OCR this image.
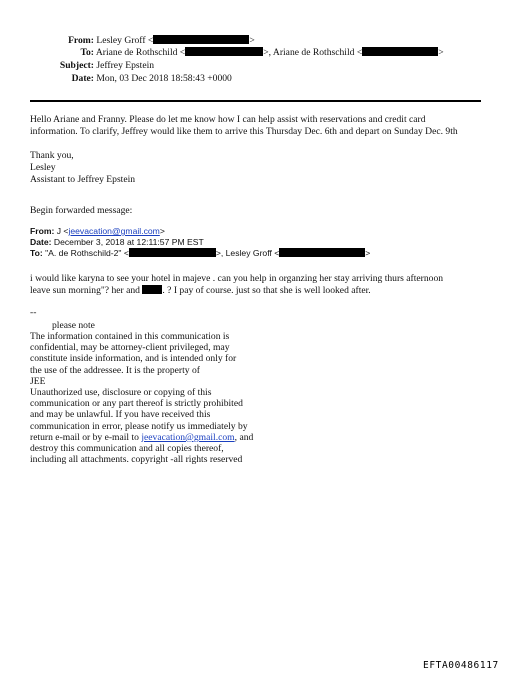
From: Lesley Groff <	>
To: Ariane de Rothschild <	>, Ariane de Rothschild <	>
Subject: Jeffrey Epstein
Date: Mon, 03 Dec 2018 18:58:43 +0000
Hello Ariane and Franny. Please do let me know how I can help assist with reservations and credit card
information. To clarify, Jeffrey would like them to arrive this Thursday Dec. 6th and depart on Sunday Dec. 9th
Thank you,
Lesley
Assistant to Jeffrey Epstein
Begin forwarded message:
From: J <jeevacation@gmail.com>
Date: December 3, 2018 at 12:11:57 PM EST
To: "A. de Rothschild-2" <	>, Lesley Groff <	>
i would like karyna to see your hotel in majeve . can you help in organzing her stay arriving thurs afternoon
leave sun morning"? her and . ? I pay of course. just so that she is well looked after.
--
please note
The information contained in this communication is
confidential, may be attorney-client privileged, may
constitute inside information, and is intended only for
the use of the addressee. It is the property of
JEE
Unauthorized use, disclosure or copying of this
communication or any part thereof is strictly prohibited
and may be unlawful. If you have received this
communication in error, please notify us immediately by
return e-mail or by e-mail to jeevacation@gmail.com, and
destroy this communication and all copies thereof,
including all attachments. copyright -all rights reserved
EFTA00486117
